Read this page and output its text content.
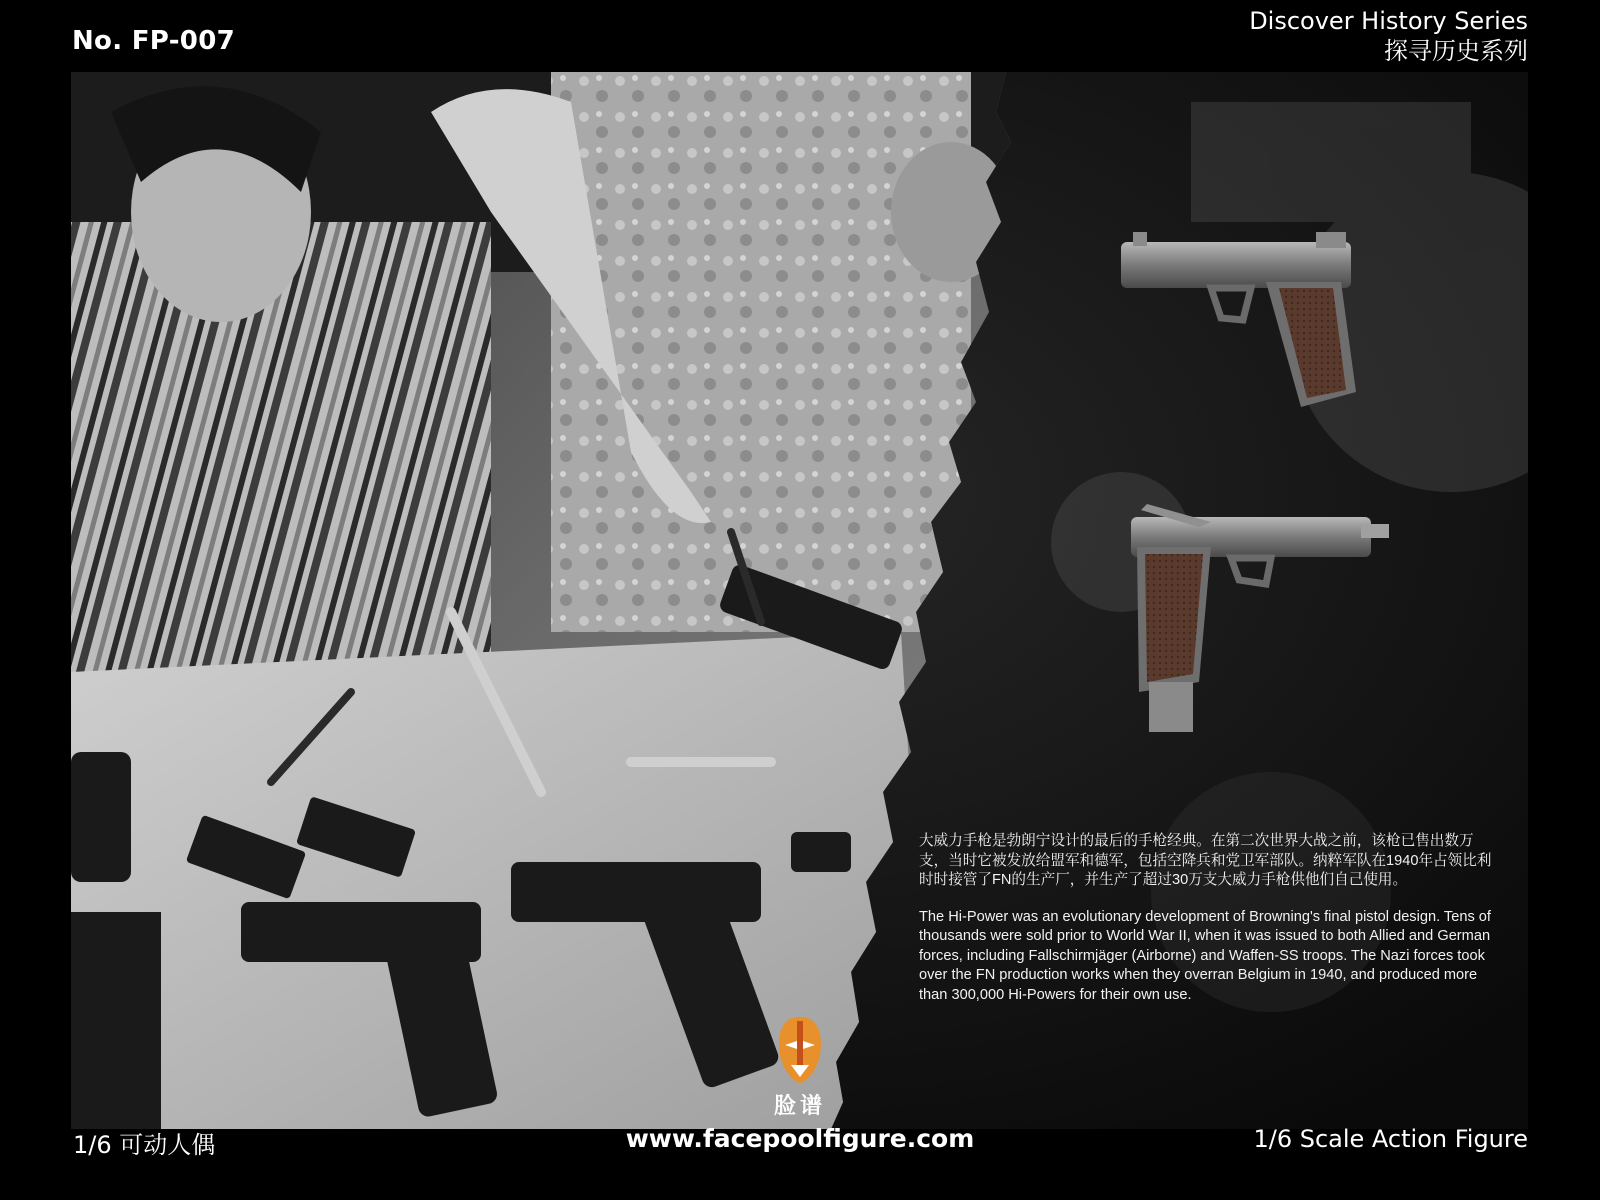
No. FP-007
Discover History Series
探寻历史系列

大威力手枪是勃朗宁设计的最后的手枪经典。在第二次世界大战之前，该枪已售出数万支，当时它被发放给盟军和德军，包括空降兵和党卫军部队。纳粹军队在1940年占领比利时时接管了FN的生产厂，并生产了超过30万支大威力手枪供他们自己使用。

The Hi-Power was an evolutionary development of Browning's final pistol design. Tens of thousands were sold prior to World War II, when it was issued to both Allied and German forces, including Fallschirmjäger (Airborne) and Waffen-SS troops. The Nazi forces took over the FN production works when they overran Belgium in 1940, and produced more than 300,000 Hi-Powers for their own use.

脸谱
1/6 可动人偶	www.facepoolfigure.com	1/6 Scale Action Figure
